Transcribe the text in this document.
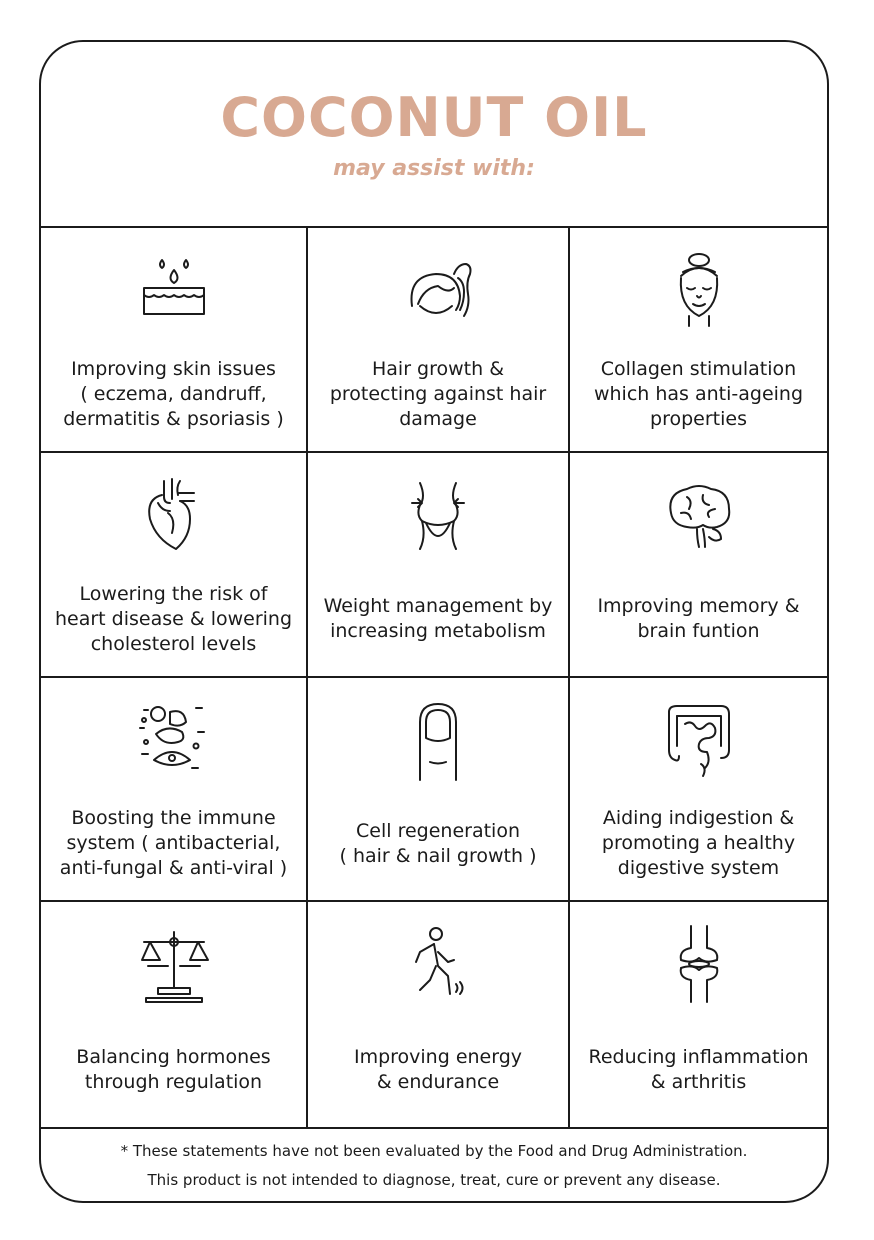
COCONUT OIL

may assist with:

Improving skin issues
( eczema, dandruff,
dermatitis & psoriasis )
Hair growth &
protecting against hair
damage
Collagen stimulation
which has anti-ageing
properties
Lowering the risk of
heart disease & lowering
cholesterol levels
Weight management by
increasing metabolism
Improving memory &
brain funtion
Boosting the immune
system ( antibacterial,
anti-fungal & anti-viral )
Cell regeneration
( hair & nail growth )
Aiding indigestion &
promoting a healthy
digestive system
Balancing hormones
through regulation
Improving energy
& endurance
Reducing inflammation
& arthritis

* These statements have not been evaluated by the Food and Drug Administration.

This product is not intended to diagnose, treat, cure or prevent any disease.
